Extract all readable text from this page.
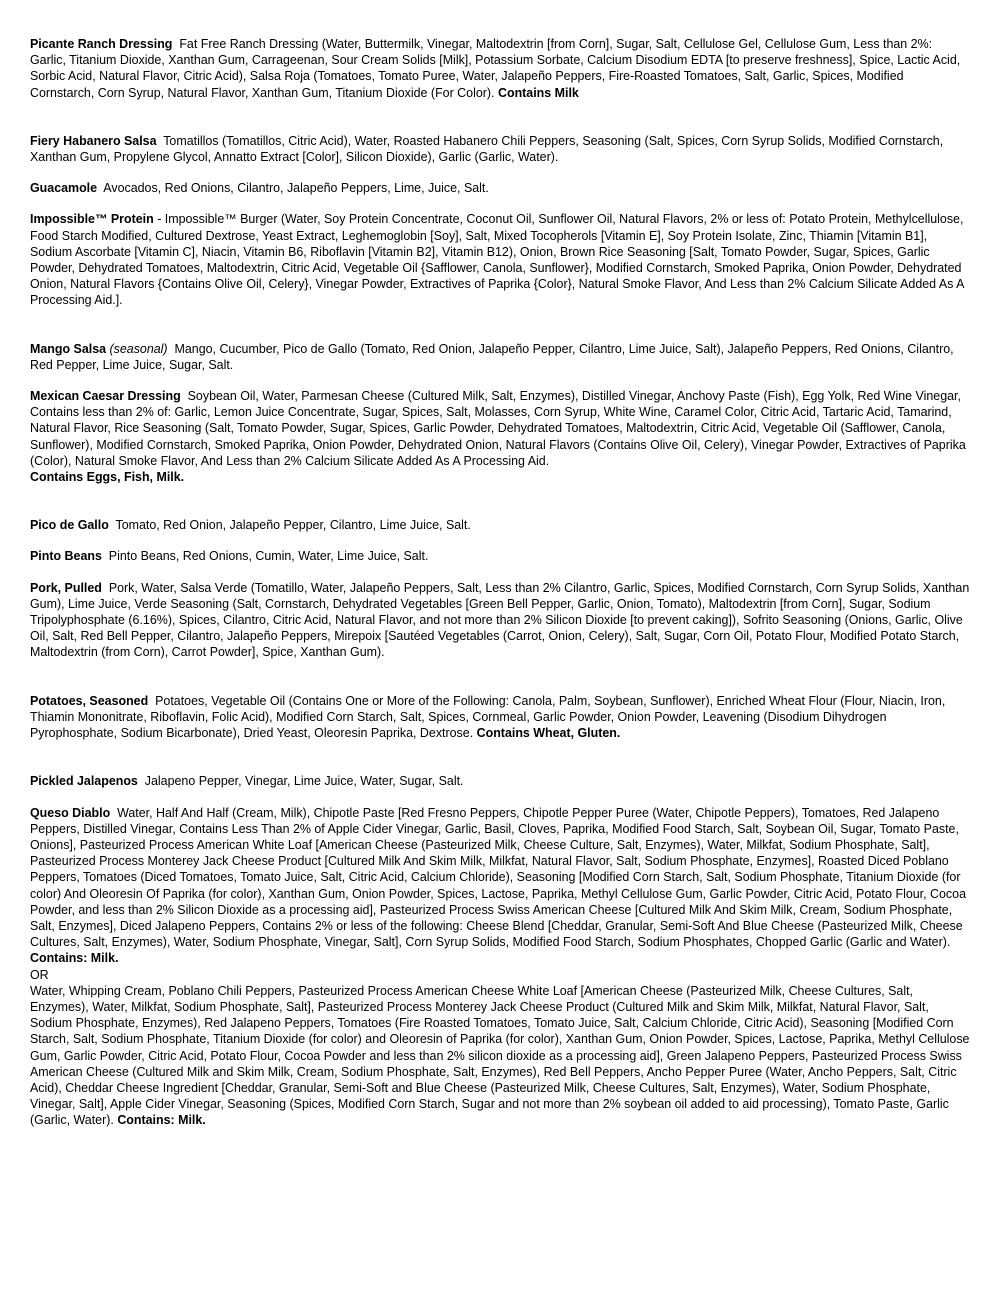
Picante Ranch Dressing Fat Free Ranch Dressing (Water, Buttermilk, Vinegar, Maltodextrin [from Corn], Sugar, Salt, Cellulose Gel, Cellulose Gum, Less than 2%: Garlic, Titanium Dioxide, Xanthan Gum, Carrageenan, Sour Cream Solids [Milk], Potassium Sorbate, Calcium Disodium EDTA [to preserve freshness], Spice, Lactic Acid, Sorbic Acid, Natural Flavor, Citric Acid), Salsa Roja (Tomatoes, Tomato Puree, Water, Jalapeño Peppers, Fire-Roasted Tomatoes, Salt, Garlic, Spices, Modified Cornstarch, Corn Syrup, Natural Flavor, Xanthan Gum, Titanium Dioxide (For Color). Contains Milk

Fiery Habanero Salsa Tomatillos (Tomatillos, Citric Acid), Water, Roasted Habanero Chili Peppers, Seasoning (Salt, Spices, Corn Syrup Solids, Modified Cornstarch, Xanthan Gum, Propylene Glycol, Annatto Extract [Color], Silicon Dioxide), Garlic (Garlic, Water).

Guacamole Avocados, Red Onions, Cilantro, Jalapeño Peppers, Lime, Juice, Salt.

Impossible™ Protein - Impossible™ Burger (Water, Soy Protein Concentrate, Coconut Oil, Sunflower Oil, Natural Flavors, 2% or less of: Potato Protein, Methylcellulose, Food Starch Modified, Cultured Dextrose, Yeast Extract, Leghemoglobin [Soy], Salt, Mixed Tocopherols [Vitamin E], Soy Protein Isolate, Zinc, Thiamin [Vitamin B1], Sodium Ascorbate [Vitamin C], Niacin, Vitamin B6, Riboflavin [Vitamin B2], Vitamin B12), Onion, Brown Rice Seasoning [Salt, Tomato Powder, Sugar, Spices, Garlic Powder, Dehydrated Tomatoes, Maltodextrin, Citric Acid, Vegetable Oil {Safflower, Canola, Sunflower}, Modified Cornstarch, Smoked Paprika, Onion Powder, Dehydrated Onion, Natural Flavors {Contains Olive Oil, Celery}, Vinegar Powder, Extractives of Paprika {Color}, Natural Smoke Flavor, And Less than 2% Calcium Silicate Added As A Processing Aid.].

Mango Salsa (seasonal) Mango, Cucumber, Pico de Gallo (Tomato, Red Onion, Jalapeño Pepper, Cilantro, Lime Juice, Salt), Jalapeño Peppers, Red Onions, Cilantro, Red Pepper, Lime Juice, Sugar, Salt.

Mexican Caesar Dressing Soybean Oil, Water, Parmesan Cheese (Cultured Milk, Salt, Enzymes), Distilled Vinegar, Anchovy Paste (Fish), Egg Yolk, Red Wine Vinegar, Contains less than 2% of: Garlic, Lemon Juice Concentrate, Sugar, Spices, Salt, Molasses, Corn Syrup, White Wine, Caramel Color, Citric Acid, Tartaric Acid, Tamarind, Natural Flavor, Rice Seasoning (Salt, Tomato Powder, Sugar, Spices, Garlic Powder, Dehydrated Tomatoes, Maltodextrin, Citric Acid, Vegetable Oil (Safflower, Canola, Sunflower), Modified Cornstarch, Smoked Paprika, Onion Powder, Dehydrated Onion, Natural Flavors (Contains Olive Oil, Celery), Vinegar Powder, Extractives of Paprika (Color), Natural Smoke Flavor, And Less than 2% Calcium Silicate Added As A Processing Aid.
Contains Eggs, Fish, Milk.

Pico de Gallo Tomato, Red Onion, Jalapeño Pepper, Cilantro, Lime Juice, Salt.

Pinto Beans Pinto Beans, Red Onions, Cumin, Water, Lime Juice, Salt.

Pork, Pulled Pork, Water, Salsa Verde (Tomatillo, Water, Jalapeño Peppers, Salt, Less than 2% Cilantro, Garlic, Spices, Modified Cornstarch, Corn Syrup Solids, Xanthan Gum), Lime Juice, Verde Seasoning (Salt, Cornstarch, Dehydrated Vegetables [Green Bell Pepper, Garlic, Onion, Tomato), Maltodextrin [from Corn], Sugar, Sodium Tripolyphosphate (6.16%), Spices, Cilantro, Citric Acid, Natural Flavor, and not more than 2% Silicon Dioxide [to prevent caking]), Sofrito Seasoning (Onions, Garlic, Olive Oil, Salt, Red Bell Pepper, Cilantro, Jalapeño Peppers, Mirepoix [Sautéed Vegetables (Carrot, Onion, Celery), Salt, Sugar, Corn Oil, Potato Flour, Modified Potato Starch, Maltodextrin (from Corn), Carrot Powder], Spice, Xanthan Gum).

Potatoes, Seasoned Potatoes, Vegetable Oil (Contains One or More of the Following: Canola, Palm, Soybean, Sunflower), Enriched Wheat Flour (Flour, Niacin, Iron, Thiamin Mononitrate, Riboflavin, Folic Acid), Modified Corn Starch, Salt, Spices, Cornmeal, Garlic Powder, Onion Powder, Leavening (Disodium Dihydrogen Pyrophosphate, Sodium Bicarbonate), Dried Yeast, Oleoresin Paprika, Dextrose. Contains Wheat, Gluten.

Pickled Jalapenos Jalapeno Pepper, Vinegar, Lime Juice, Water, Sugar, Salt.

Queso Diablo Water, Half And Half (Cream, Milk), Chipotle Paste [Red Fresno Peppers, Chipotle Pepper Puree (Water, Chipotle Peppers), Tomatoes, Red Jalapeno Peppers, Distilled Vinegar, Contains Less Than 2% of Apple Cider Vinegar, Garlic, Basil, Cloves, Paprika, Modified Food Starch, Salt, Soybean Oil, Sugar, Tomato Paste, Onions], Pasteurized Process American White Loaf [American Cheese (Pasteurized Milk, Cheese Culture, Salt, Enzymes), Water, Milkfat, Sodium Phosphate, Salt], Pasteurized Process Monterey Jack Cheese Product [Cultured Milk And Skim Milk, Milkfat, Natural Flavor, Salt, Sodium Phosphate, Enzymes], Roasted Diced Poblano Peppers, Tomatoes (Diced Tomatoes, Tomato Juice, Salt, Citric Acid, Calcium Chloride), Seasoning [Modified Corn Starch, Salt, Sodium Phosphate, Titanium Dioxide (for color) And Oleoresin Of Paprika (for color), Xanthan Gum, Onion Powder, Spices, Lactose, Paprika, Methyl Cellulose Gum, Garlic Powder, Citric Acid, Potato Flour, Cocoa Powder, and less than 2% Silicon Dioxide as a processing aid], Pasteurized Process Swiss American Cheese [Cultured Milk And Skim Milk, Cream, Sodium Phosphate, Salt, Enzymes], Diced Jalapeno Peppers, Contains 2% or less of the following: Cheese Blend [Cheddar, Granular, Semi-Soft And Blue Cheese (Pasteurized Milk, Cheese Cultures, Salt, Enzymes), Water, Sodium Phosphate, Vinegar, Salt], Corn Syrup Solids, Modified Food Starch, Sodium Phosphates, Chopped Garlic (Garlic and Water). Contains: Milk.
OR
Water, Whipping Cream, Poblano Chili Peppers, Pasteurized Process American Cheese White Loaf [American Cheese (Pasteurized Milk, Cheese Cultures, Salt, Enzymes), Water, Milkfat, Sodium Phosphate, Salt], Pasteurized Process Monterey Jack Cheese Product (Cultured Milk and Skim Milk, Milkfat, Natural Flavor, Salt, Sodium Phosphate, Enzymes), Red Jalapeno Peppers, Tomatoes (Fire Roasted Tomatoes, Tomato Juice, Salt, Calcium Chloride, Citric Acid), Seasoning [Modified Corn Starch, Salt, Sodium Phosphate, Titanium Dioxide (for color) and Oleoresin of Paprika (for color), Xanthan Gum, Onion Powder, Spices, Lactose, Paprika, Methyl Cellulose Gum, Garlic Powder, Citric Acid, Potato Flour, Cocoa Powder and less than 2% silicon dioxide as a processing aid], Green Jalapeno Peppers, Pasteurized Process Swiss American Cheese (Cultured Milk and Skim Milk, Cream, Sodium Phosphate, Salt, Enzymes), Red Bell Peppers, Ancho Pepper Puree (Water, Ancho Peppers, Salt, Citric Acid), Cheddar Cheese Ingredient [Cheddar, Granular, Semi-Soft and Blue Cheese (Pasteurized Milk, Cheese Cultures, Salt, Enzymes), Water, Sodium Phosphate, Vinegar, Salt], Apple Cider Vinegar, Seasoning (Spices, Modified Corn Starch, Sugar and not more than 2% soybean oil added to aid processing), Tomato Paste, Garlic (Garlic, Water). Contains: Milk.
